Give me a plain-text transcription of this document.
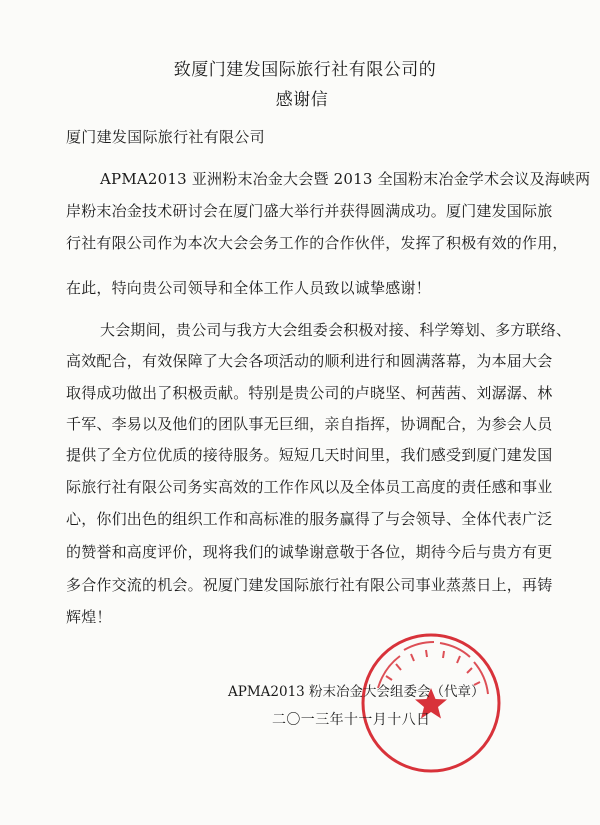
致厦门建发国际旅行社有限公司的
感谢信
厦门建发国际旅行社有限公司
APMA2013 亚洲粉末冶金大会暨 2013 全国粉末冶金学术会议及海峡两
岸粉末冶金技术研讨会在厦门盛大举行并获得圆满成功。厦门建发国际旅
行社有限公司作为本次大会会务工作的合作伙伴，发挥了积极有效的作用，
在此，特向贵公司领导和全体工作人员致以诚挚感谢！
大会期间，贵公司与我方大会组委会积极对接、科学筹划、多方联络、
高效配合，有效保障了大会各项活动的顺利进行和圆满落幕，为本届大会
取得成功做出了积极贡献。特别是贵公司的卢晓坚、柯茜茜、刘潺潺、林
千军、李易以及他们的团队事无巨细，亲自指挥，协调配合，为参会人员
提供了全方位优质的接待服务。短短几天时间里，我们感受到厦门建发国
际旅行社有限公司务实高效的工作作风以及全体员工高度的责任感和事业
心，你们出色的组织工作和高标准的服务赢得了与会领导、全体代表广泛
的赞誉和高度评价，现将我们的诚挚谢意敬于各位，期待今后与贵方有更
多合作交流的机会。祝厦门建发国际旅行社有限公司事业蒸蒸日上，再铸
辉煌！
APMA2013 粉末冶金大会组委会（代章）
二〇一三年十一月十八日
